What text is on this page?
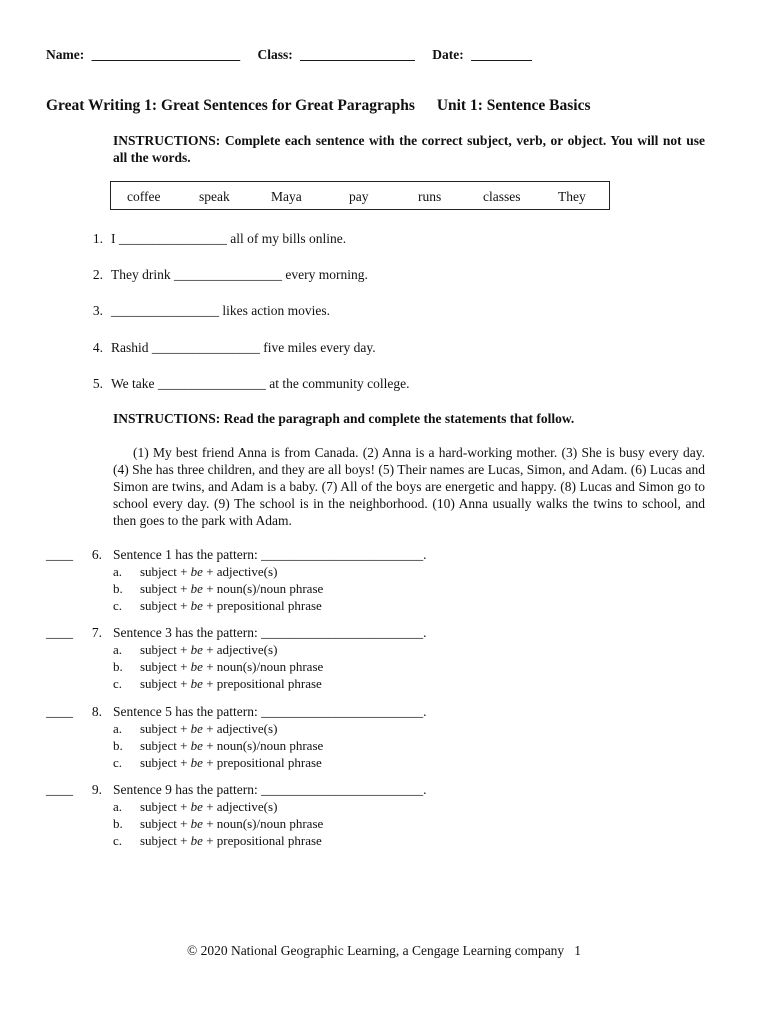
Name: ______________________ Class: _________________ Date: _________
Great Writing 1: Great Sentences for Great Paragraphs Unit 1: Sentence Basics
INSTRUCTIONS: Complete each sentence with the correct subject, verb, or object. You will not use all the words.
coffee	speak	Maya	pay	runs	classes	They
1. I ________________ all of my bills online.
2. They drink ________________ every morning.
3. ________________ likes action movies.
4. Rashid ________________ five miles every day.
5. We take ________________ at the community college.
INSTRUCTIONS: Read the paragraph and complete the statements that follow.
(1) My best friend Anna is from Canada. (2) Anna is a hard-working mother. (3) She is busy every day. (4) She has three children, and they are all boys! (5) Their names are Lucas, Simon, and Adam. (6) Lucas and Simon are twins, and Adam is a baby. (7) All of the boys are energetic and happy. (8) Lucas and Simon go to school every day. (9) The school is in the neighborhood. (10) Anna usually walks the twins to school, and then goes to the park with Adam.
____ 6. Sentence 1 has the pattern: ________________________.
a. subject + be + adjective(s)
b. subject + be + noun(s)/noun phrase
c. subject + be + prepositional phrase
____ 7. Sentence 3 has the pattern: ________________________.
a. subject + be + adjective(s)
b. subject + be + noun(s)/noun phrase
c. subject + be + prepositional phrase
____ 8. Sentence 5 has the pattern: ________________________.
a. subject + be + adjective(s)
b. subject + be + noun(s)/noun phrase
c. subject + be + prepositional phrase
____ 9. Sentence 9 has the pattern: ________________________.
a. subject + be + adjective(s)
b. subject + be + noun(s)/noun phrase
c. subject + be + prepositional phrase
© 2020 National Geographic Learning, a Cengage Learning company   1
